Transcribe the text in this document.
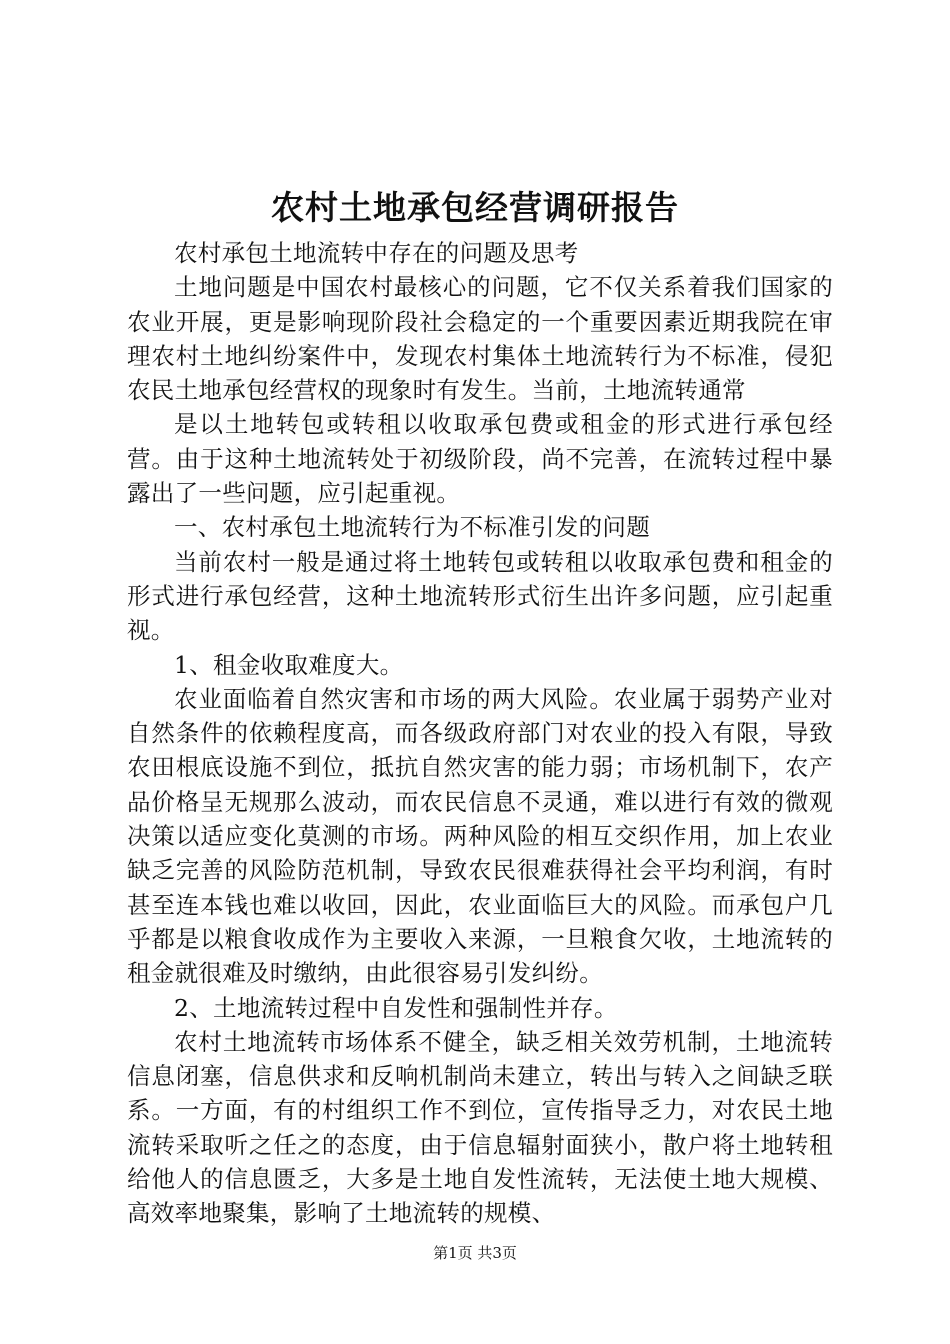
农村土地承包经营调研报告

农村承包土地流转中存在的问题及思考

土地问题是中国农村最核心的问题，它不仅关系着我们国家的农业开展，更是影响现阶段社会稳定的一个重要因素近期我院在审理农村土地纠纷案件中，发现农村集体土地流转行为不标准，侵犯农民土地承包经营权的现象时有发生。当前，土地流转通常

是以土地转包或转租以收取承包费或租金的形式进行承包经营。由于这种土地流转处于初级阶段，尚不完善，在流转过程中暴露出了一些问题，应引起重视。

一、农村承包土地流转行为不标准引发的问题

当前农村一般是通过将土地转包或转租以收取承包费和租金的形式进行承包经营，这种土地流转形式衍生出许多问题，应引起重视。

1、租金收取难度大。

农业面临着自然灾害和市场的两大风险。农业属于弱势产业对自然条件的依赖程度高，而各级政府部门对农业的投入有限，导致农田根底设施不到位，抵抗自然灾害的能力弱；市场机制下，农产品价格呈无规那么波动，而农民信息不灵通，难以进行有效的微观决策以适应变化莫测的市场。两种风险的相互交织作用，加上农业缺乏完善的风险防范机制，导致农民很难获得社会平均利润，有时甚至连本钱也难以收回，因此，农业面临巨大的风险。而承包户几乎都是以粮食收成作为主要收入来源，一旦粮食欠收，土地流转的租金就很难及时缴纳，由此很容易引发纠纷。

2、土地流转过程中自发性和强制性并存。

农村土地流转市场体系不健全，缺乏相关效劳机制，土地流转信息闭塞，信息供求和反响机制尚未建立，转出与转入之间缺乏联系。一方面，有的村组织工作不到位，宣传指导乏力，对农民土地流转采取听之任之的态度，由于信息辐射面狭小，散户将土地转租给他人的信息匮乏，大多是土地自发性流转，无法使土地大规模、高效率地聚集，影响了土地流转的规模、

第1页 共3页
